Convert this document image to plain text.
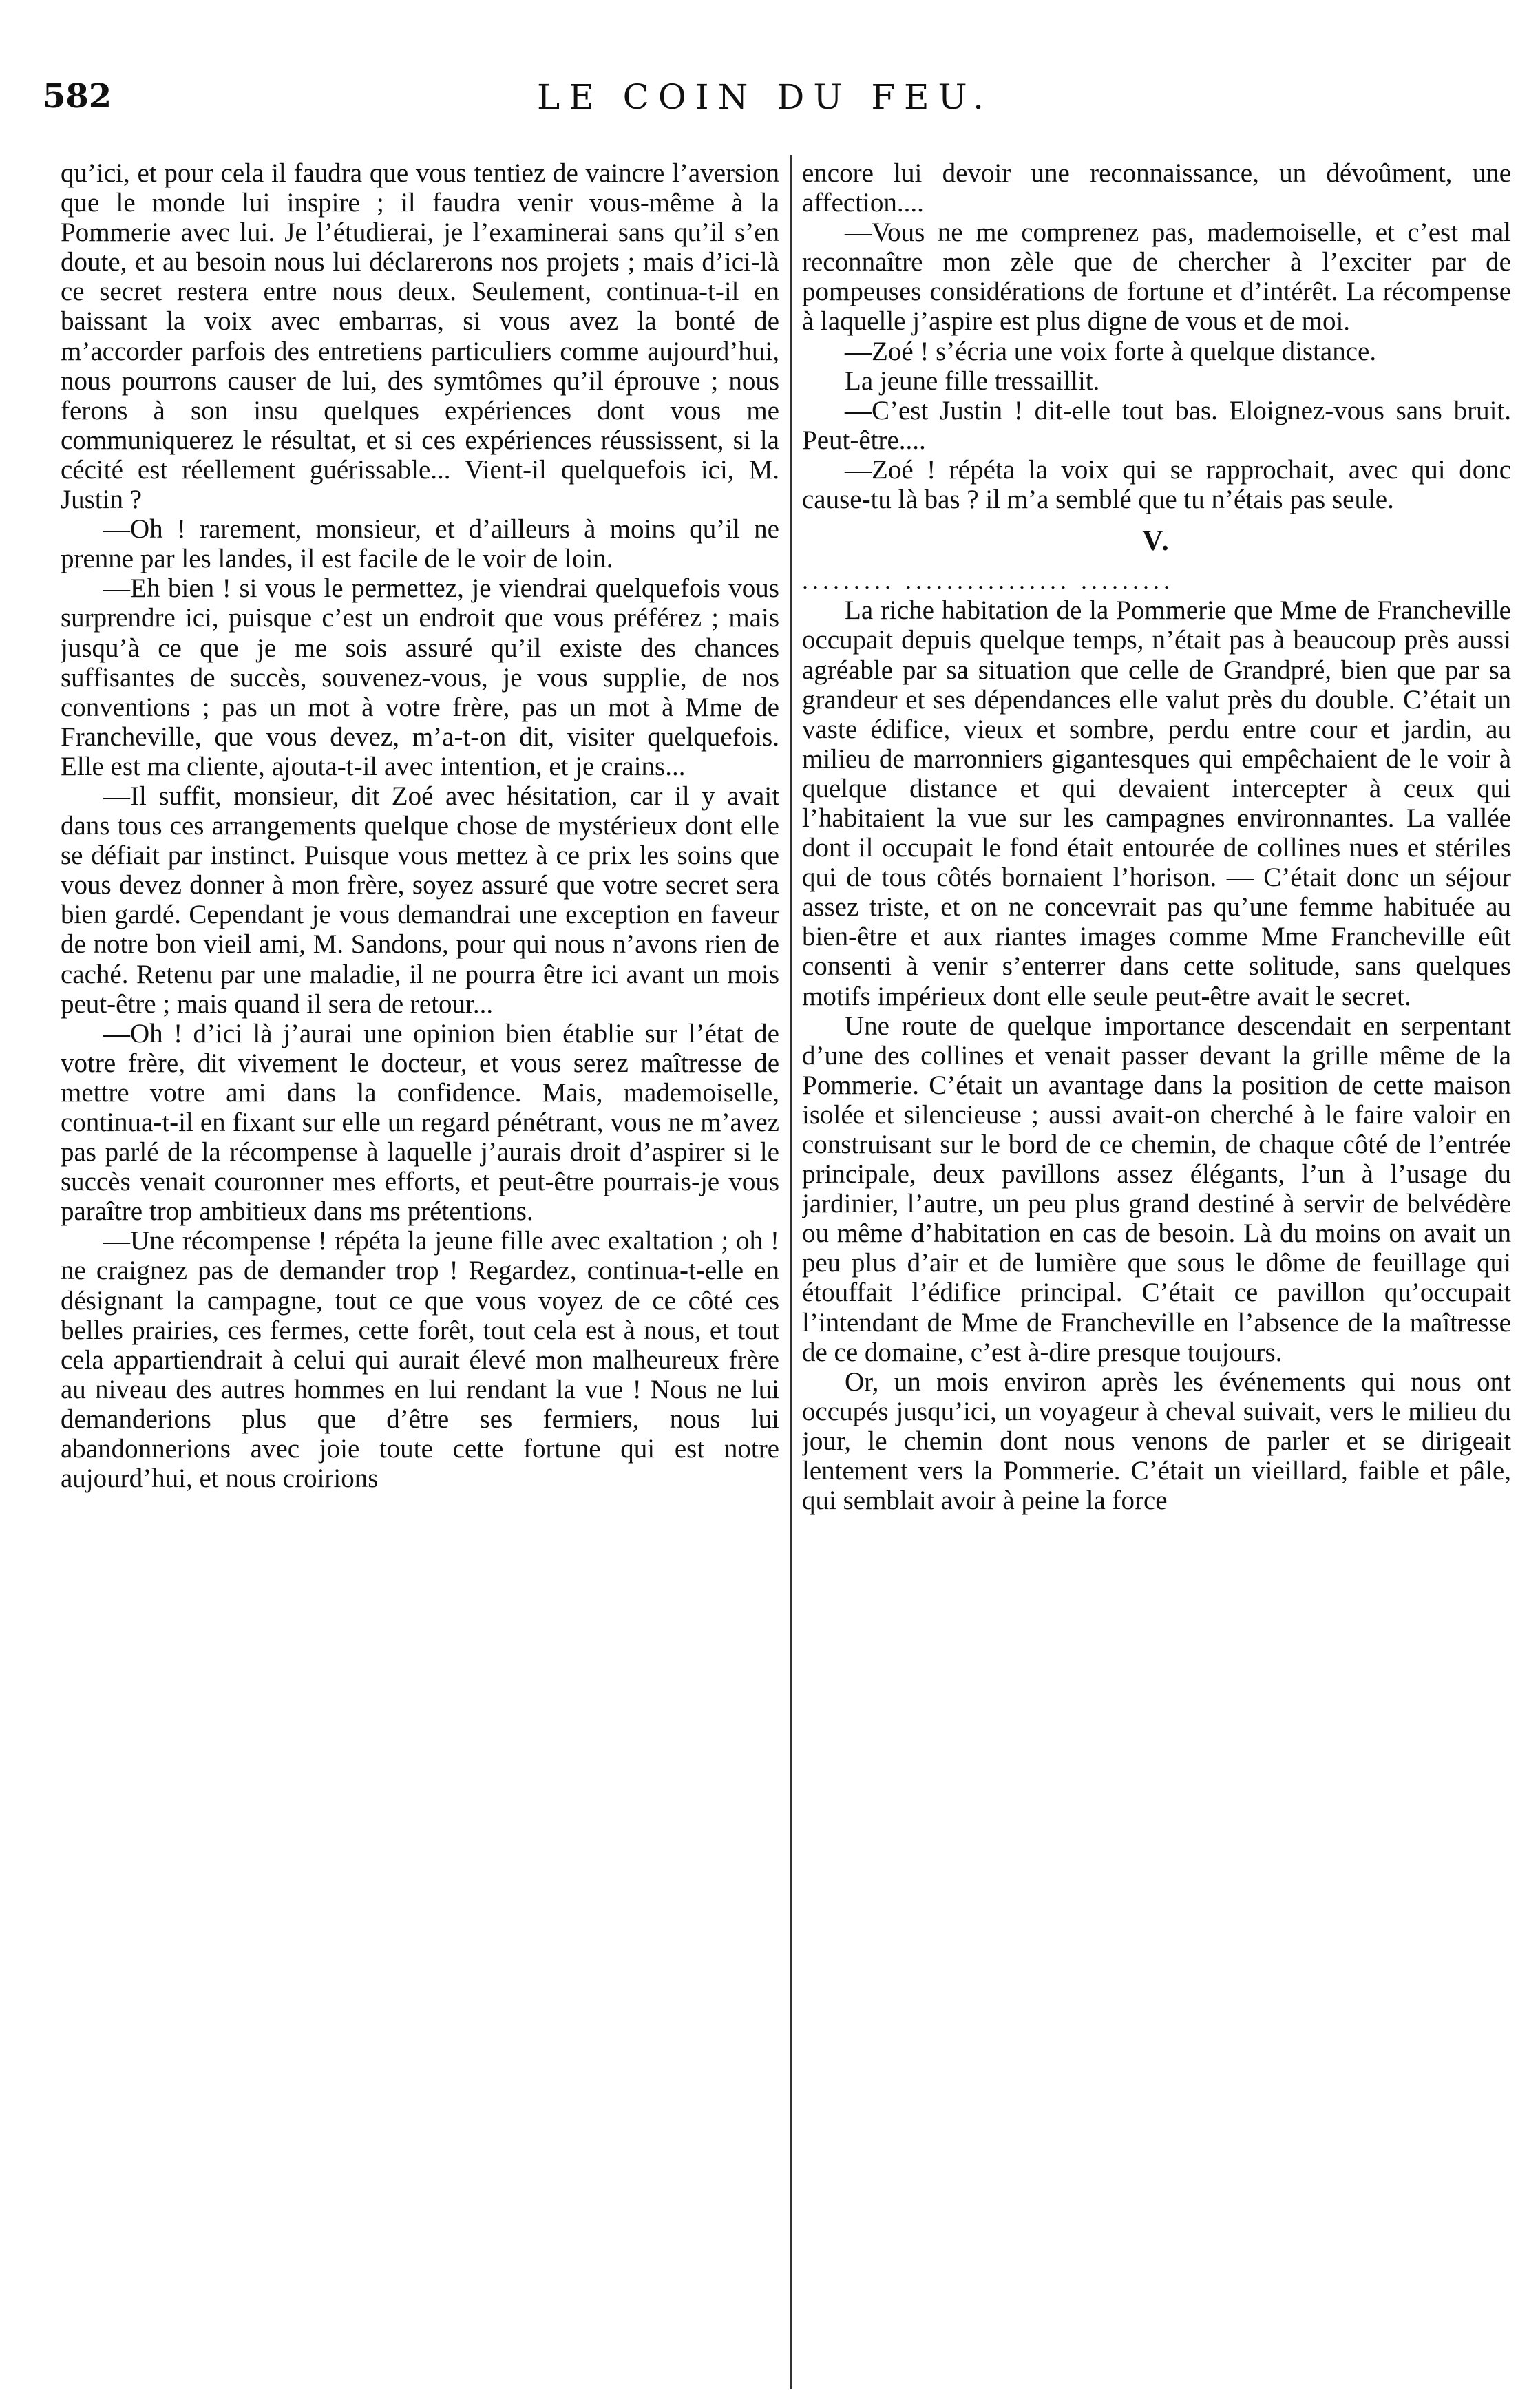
582	LE COIN DU FEU.

qu’ici, et pour cela il faudra que vous tentiez de vaincre l’aversion que le monde lui inspire ; il faudra venir vous-même à la Pommerie avec lui. Je l’étudierai, je l’examinerai sans qu’il s’en doute, et au besoin nous lui déclarerons nos projets ; mais d’ici-là ce secret restera entre nous deux. Seulement, continua-t-il en baissant la voix avec embarras, si vous avez la bonté de m’accorder parfois des entretiens particuliers comme aujourd’hui, nous pourrons causer de lui, des symtômes qu’il éprouve ; nous ferons à son insu quelques expériences dont vous me communiquerez le résultat, et si ces expériences réussissent, si la cécité est réellement guérissable... Vient-il quelquefois ici, M. Justin ?

—Oh ! rarement, monsieur, et d’ailleurs à moins qu’il ne prenne par les landes, il est facile de le voir de loin.

—Eh bien ! si vous le permettez, je viendrai quelquefois vous surprendre ici, puisque c’est un endroit que vous préférez ; mais jusqu’à ce que je me sois assuré qu’il existe des chances suffisantes de succès, souvenez-vous, je vous supplie, de nos conventions ; pas un mot à votre frère, pas un mot à Mme de Francheville, que vous devez, m’a-t-on dit, visiter quelquefois. Elle est ma cliente, ajouta-t-il avec intention, et je crains...

—Il suffit, monsieur, dit Zoé avec hésitation, car il y avait dans tous ces arrangements quelque chose de mystérieux dont elle se défiait par instinct. Puisque vous mettez à ce prix les soins que vous devez donner à mon frère, soyez assuré que votre secret sera bien gardé. Cependant je vous demandrai une exception en faveur de notre bon vieil ami, M. Sandons, pour qui nous n’avons rien de caché. Retenu par une maladie, il ne pourra être ici avant un mois peut-être ; mais quand il sera de retour...

—Oh ! d’ici là j’aurai une opinion bien établie sur l’état de votre frère, dit vivement le docteur, et vous serez maîtresse de mettre votre ami dans la confidence. Mais, mademoiselle, continua-t-il en fixant sur elle un regard pénétrant, vous ne m’avez pas parlé de la récompense à laquelle j’aurais droit d’aspirer si le succès venait couronner mes efforts, et peut-être pourrais-je vous paraître trop ambitieux dans ms prétentions.

—Une récompense ! répéta la jeune fille avec exaltation ; oh ! ne craignez pas de demander trop ! Regardez, continua-t-elle en désignant la campagne, tout ce que vous voyez de ce côté ces belles prairies, ces fermes, cette forêt, tout cela est à nous, et tout cela appartiendrait à celui qui aurait élevé mon malheureux frère au niveau des autres hommes en lui rendant la vue ! Nous ne lui demanderions plus que d’être ses fermiers, nous lui abandonnerions avec joie toute cette fortune qui est notre aujourd’hui, et nous croirions

encore lui devoir une reconnaissance, un dévoûment, une affection....

—Vous ne me comprenez pas, mademoiselle, et c’est mal reconnaître mon zèle que de chercher à l’exciter par de pompeuses considérations de fortune et d’intérêt. La récompense à laquelle j’aspire est plus digne de vous et de moi.

—Zoé ! s’écria une voix forte à quelque distance.

La jeune fille tressaillit.

—C’est Justin ! dit-elle tout bas. Eloignez-vous sans bruit. Peut-être....

—Zoé ! répéta la voix qui se rapprochait, avec qui donc cause-tu là bas ? il m’a semblé que tu n’étais pas seule.

V.
......... ................ .........

La riche habitation de la Pommerie que Mme de Francheville occupait depuis quelque temps, n’était pas à beaucoup près aussi agréable par sa situation que celle de Grandpré, bien que par sa grandeur et ses dépendances elle valut près du double. C’était un vaste édifice, vieux et sombre, perdu entre cour et jardin, au milieu de marronniers gigantesques qui empêchaient de le voir à quelque distance et qui devaient intercepter à ceux qui l’habitaient la vue sur les campagnes environnantes. La vallée dont il occupait le fond était entourée de collines nues et stériles qui de tous côtés bornaient l’horison. — C’était donc un séjour assez triste, et on ne concevrait pas qu’une femme habituée au bien-être et aux riantes images comme Mme Francheville eût consenti à venir s’enterrer dans cette solitude, sans quelques motifs impérieux dont elle seule peut-être avait le secret.

Une route de quelque importance descendait en serpentant d’une des collines et venait passer devant la grille même de la Pommerie. C’était un avantage dans la position de cette maison isolée et silencieuse ; aussi avait-on cherché à le faire valoir en construisant sur le bord de ce chemin, de chaque côté de l’entrée principale, deux pavillons assez élégants, l’un à l’usage du jardinier, l’autre, un peu plus grand destiné à servir de belvédère ou même d’habitation en cas de besoin. Là du moins on avait un peu plus d’air et de lumière que sous le dôme de feuillage qui étouffait l’édifice principal. C’était ce pavillon qu’occupait l’intendant de Mme de Francheville en l’absence de la maîtresse de ce domaine, c’est à-dire presque toujours.

Or, un mois environ après les événements qui nous ont occupés jusqu’ici, un voyageur à cheval suivait, vers le milieu du jour, le chemin dont nous venons de parler et se dirigeait lentement vers la Pommerie. C’était un vieillard, faible et pâle, qui semblait avoir à peine la force
